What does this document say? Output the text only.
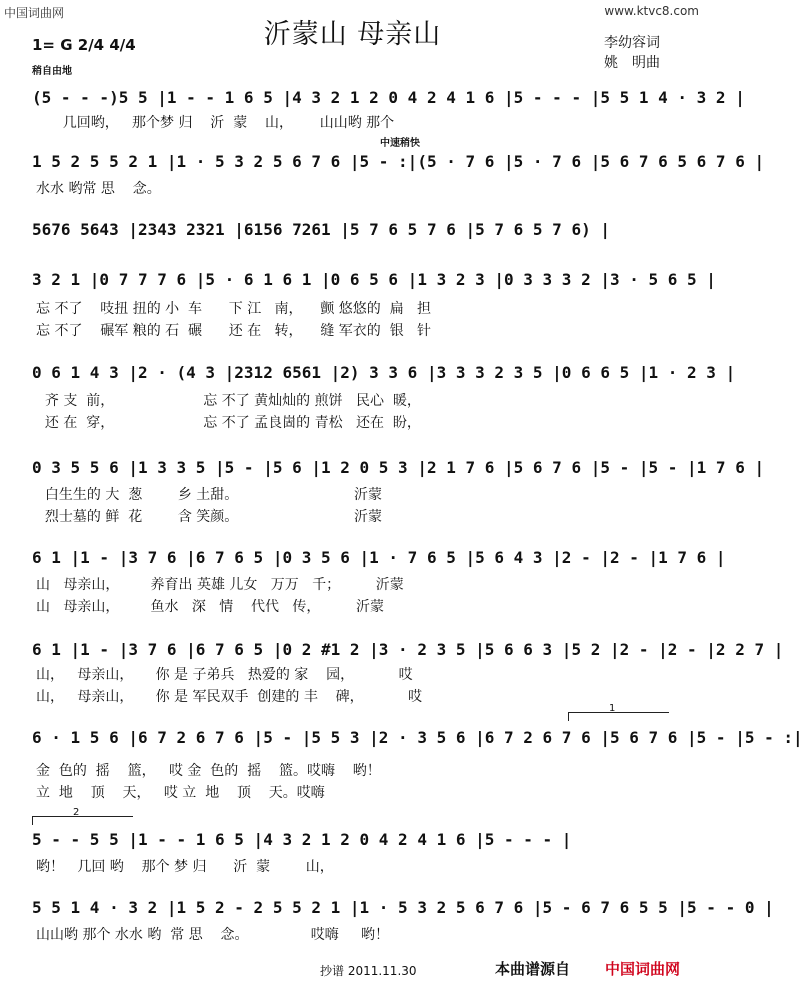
中国词曲网	www.ktvc8.com
沂蒙山 母亲山
1= G 2/4 4/4
稍自由地
李幼容词
姚　明曲
(5 - - -)5 5 |1 - - 1 6 5 |4 3 2 1 2 0 4 2 4 1 6 |5 - - - |5 5 1 4 · 3 2 |
几回哟，   那个梦 归    沂  蒙    山，      山山哟 那个
中速稍快
1 5 2 5 5 2 1 |1 · 5 3 2 5 6 7 6 |5 - :|(5 · 7 6 |5 · 7 6 |5 6 7 6 5 6 7 6 |
水水 哟常 思    念。
5676 5643 |2343 2321 |6156 7261 |5 7 6 5 7 6 |5 7 6 5 7 6) |
3 2 1 |0 7 7 7 6 |5 · 6 1 6 1 |0 6 5 6 |1 3 2 3 |0 3 3 3 2 |3 · 5 6 5 |
忘 不了    吱扭 扭的 小  车      下 江   南，    颤 悠悠的  扁   担
忘 不了    碾军 粮的 石  碾      还 在   转，    缝 军衣的  银   针
0 6 1 4 3 |2 · (4 3 |2312 6561 |2) 3 3 6 |3 3 3 2 3 5 |0 6 6 5 |1 · 2 3 |
齐 支  前，                    忘 不了 黄灿灿的 煎饼   民心  暖，
还 在  穿，                    忘 不了 孟良崮的 青松   还在  盼，
0 3 5 5 6 |1 3 3 5 |5 - |5 6 |1 2 0 5 3 |2 1 7 6 |5 6 7 6 |5 - |5 - |1 7 6 |
白生生的 大  葱        乡 土甜。                          沂蒙
烈士墓的 鲜  花        含 笑颜。                          沂蒙
6 1 |1 - |3 7 6 |6 7 6 5 |0 3 5 6 |1 · 7 6 5 |5 6 4 3 |2 - |2 - |1 7 6 |
山   母亲山，       养育出 英雄 儿女   万万   千；        沂蒙
山   母亲山，       鱼水   深   情    代代   传，        沂蒙
6 1 |1 - |3 7 6 |6 7 6 5 |0 2 #1 2 |3 · 2 3 5 |5 6 6 3 |5 2 |2 - |2 - |2 2 7 |
山，   母亲山，     你 是 子弟兵   热爱的 家    园，          哎
山，   母亲山，     你 是 军民双手  创建的 丰    碑，          哎
1
6 · 1 5 6 |6 7 2 6 7 6 |5 - |5 5 3 |2 · 3 5 6 |6 7 2 6 7 6 |5 6 7 6 |5 - |5 - :|
金  色的  摇    篮，   哎 金  色的  摇    篮。哎嗨    哟！
立  地    顶    天，   哎 立  地    顶    天。哎嗨
2
5 - - 5 5 |1 - - 1 6 5 |4 3 2 1 2 0 4 2 4 1 6 |5 - - - |
哟！   几回 哟    那个 梦 归      沂  蒙        山，
5 5 1 4 · 3 2 |1 5 2 - 2 5 5 2 1 |1 · 5 3 2 5 6 7 6 |5 - 6 7 6 5 5 |5 - - 0 |
山山哟 那个 水水 哟  常 思    念。              哎嗨     哟！
抄谱 2011.11.30	本曲谱源自 中国词曲网
